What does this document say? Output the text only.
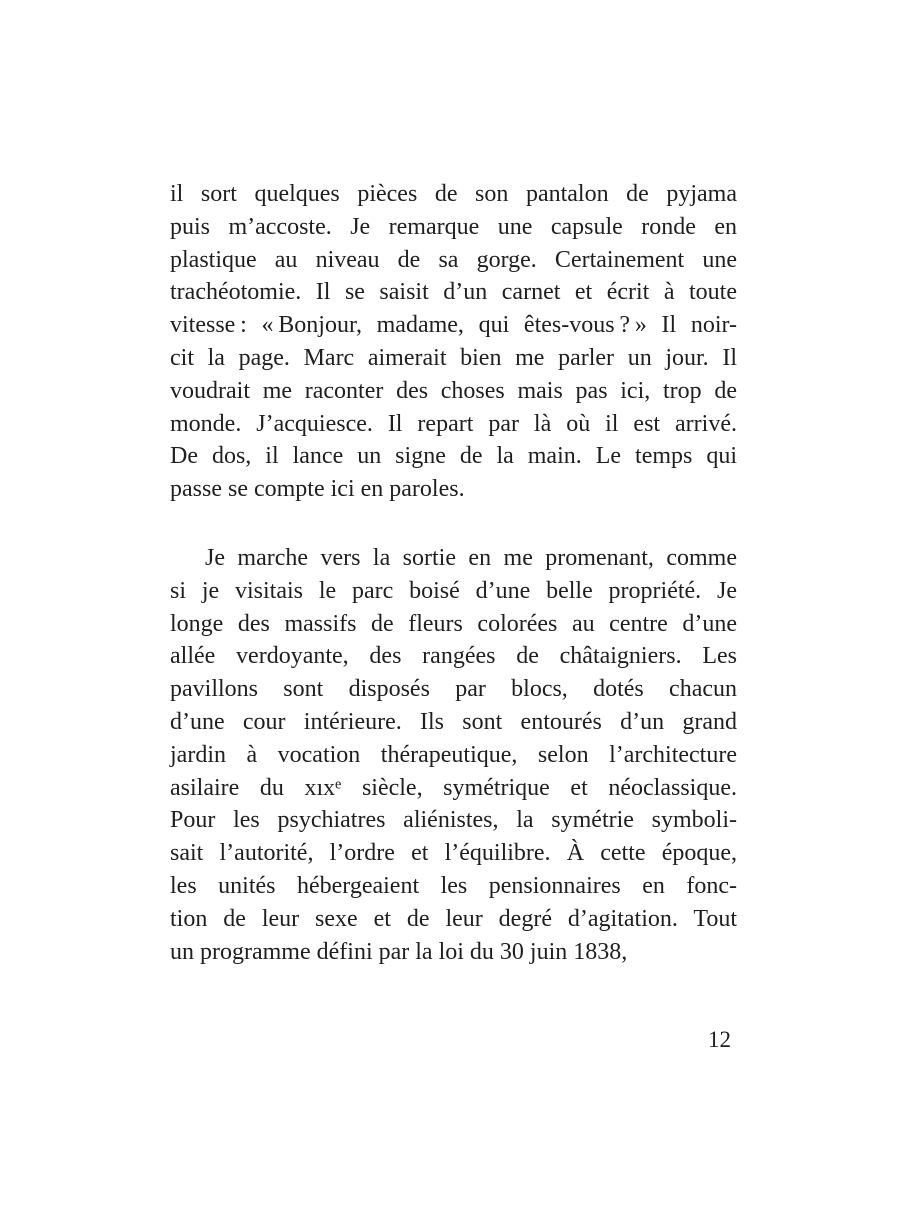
il sort quelques pièces de son pantalon de pyjama
puis m’accoste. Je remarque une capsule ronde en
plastique au niveau de sa gorge. Certainement une
trachéotomie. Il se saisit d’un carnet et écrit à toute
vitesse : « Bonjour, madame, qui êtes-vous ? » Il noir-
cit la page. Marc aimerait bien me parler un jour. Il
voudrait me raconter des choses mais pas ici, trop de
monde. J’acquiesce. Il repart par là où il est arrivé.
De dos, il lance un signe de la main. Le temps qui
passe se compte ici en paroles.
Je marche vers la sortie en me promenant, comme
si je visitais le parc boisé d’une belle propriété. Je
longe des massifs de fleurs colorées au centre d’une
allée verdoyante, des rangées de châtaigniers. Les
pavillons sont disposés par blocs, dotés chacun
d’une cour intérieure. Ils sont entourés d’un grand
jardin à vocation thérapeutique, selon l’architecture
asilaire du xıxᵉ siècle, symétrique et néoclassique.
Pour les psychiatres aliénistes, la symétrie symboli-
sait l’autorité, l’ordre et l’équilibre. À cette époque,
les unités hébergeaient les pensionnaires en fonc-
tion de leur sexe et de leur degré d’agitation. Tout
un programme défini par la loi du 30 juin 1838,
12
